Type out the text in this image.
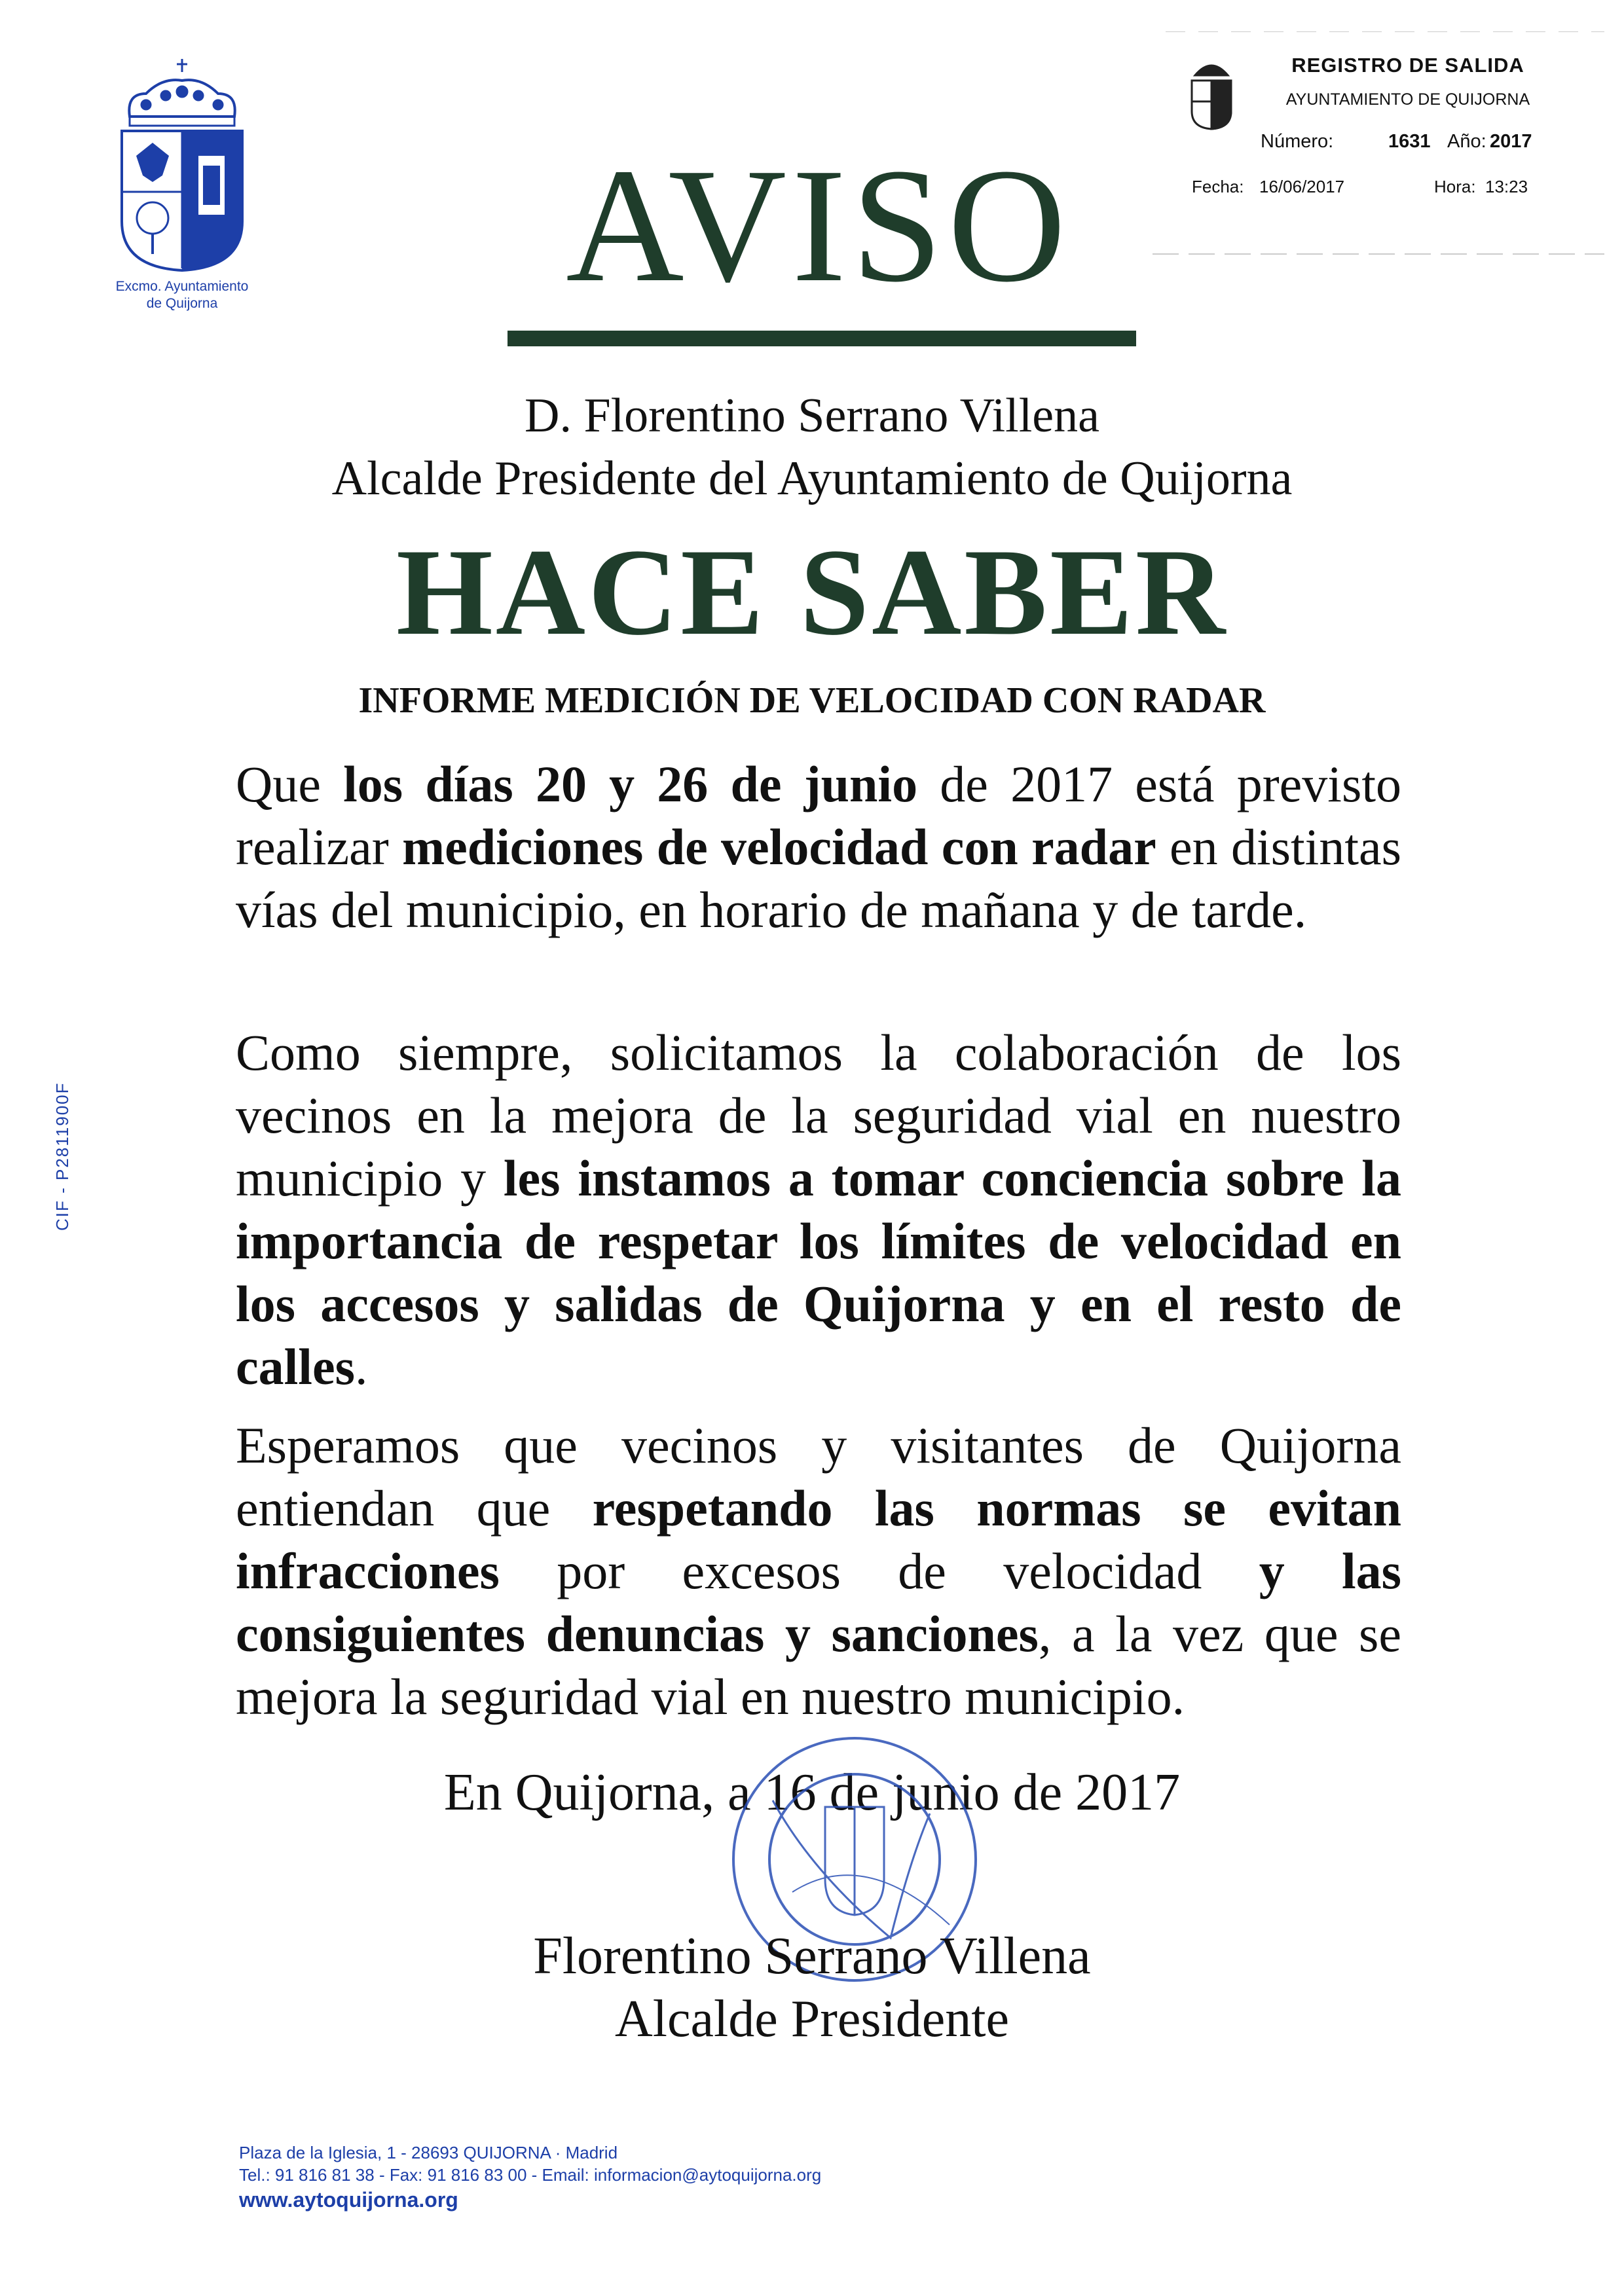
Excmo. Ayuntamiento
de Quijorna
REGISTRO DE SALIDA
AYUNTAMIENTO DE QUIJORNA
Número:	1631 Año: 2017
Fecha: 16/06/2017	Hora: 13:23
AVISO
D. Florentino Serrano Villena
Alcalde Presidente del Ayuntamiento de Quijorna
HACE SABER
INFORME MEDICIÓN DE VELOCIDAD CON RADAR
Que los días 20 y 26 de junio de 2017 está previsto realizar mediciones de velocidad con radar en distintas vías del municipio, en horario de mañana y de tarde.
Como siempre, solicitamos la colaboración de los vecinos en la mejora de la seguridad vial en nuestro municipio y les instamos a tomar conciencia sobre la importancia de respetar los límites de velocidad en los accesos y salidas de Quijorna y en el resto de calles.
Esperamos que vecinos y visitantes de Quijorna entiendan que respetando las normas se evitan infracciones por excesos de velocidad y las consiguientes denuncias y sanciones, a la vez que se mejora la seguridad vial en nuestro municipio.
En Quijorna, a 16 de junio de 2017
Florentino Serrano Villena
Alcalde Presidente
CIF - P2811900F
Plaza de la Iglesia, 1 - 28693 QUIJORNA · Madrid
Tel.: 91 816 81 38 - Fax: 91 816 83 00 - Email: informacion@aytoquijorna.org
www.aytoquijorna.org
